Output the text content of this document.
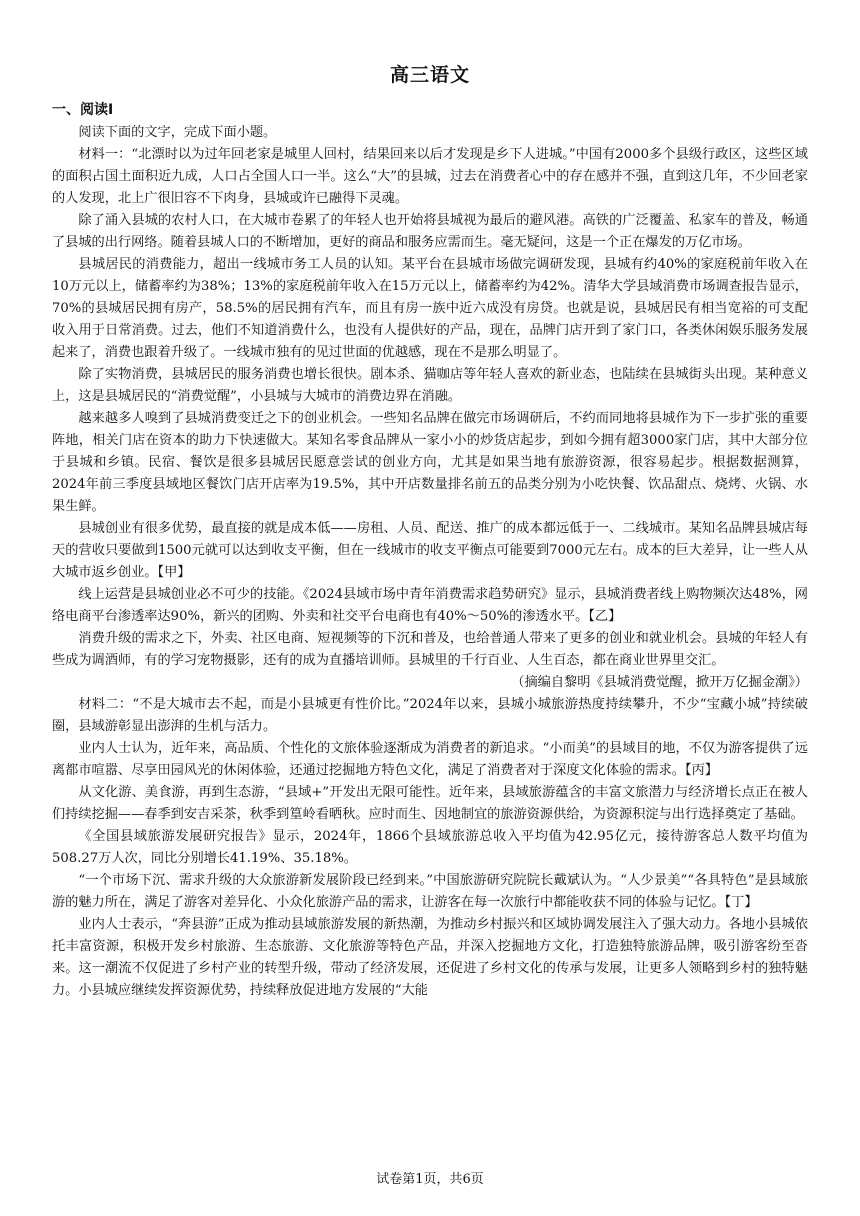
高三语文
一、阅读Ⅰ

阅读下面的文字，完成下面小题。

材料一：“北漂时以为过年回老家是城里人回村，结果回来以后才发现是乡下人进城。”中国有2000多个县级行政区，这些区域的面积占国土面积近九成，人口占全国人口一半。这么“大”的县城，过去在消费者心中的存在感并不强，直到这几年，不少回老家的人发现，北上广很旧容不下肉身，县城或许已融得下灵魂。

除了涌入县城的农村人口，在大城市卷累了的年轻人也开始将县城视为最后的避风港。高铁的广泛覆盖、私家车的普及，畅通了县城的出行网络。随着县城人口的不断增加，更好的商品和服务应需而生。毫无疑问，这是一个正在爆发的万亿市场。

县城居民的消费能力，超出一线城市务工人员的认知。某平台在县城市场做完调研发现，县城有约40%的家庭税前年收入在10万元以上，储蓄率约为38%；13%的家庭税前年收入在15万元以上，储蓄率约为42%。清华大学县域消费市场调查报告显示，70%的县城居民拥有房产，58.5%的居民拥有汽车，而且有房一族中近六成没有房贷。也就是说，县城居民有相当宽裕的可支配收入用于日常消费。过去，他们不知道消费什么，也没有人提供好的产品，现在，品牌门店开到了家门口，各类休闲娱乐服务发展起来了，消费也跟着升级了。一线城市独有的见过世面的优越感，现在不是那么明显了。

除了实物消费，县城居民的服务消费也增长很快。剧本杀、猫咖店等年轻人喜欢的新业态，也陆续在县城街头出现。某种意义上，这是县城居民的“消费觉醒”，小县城与大城市的消费边界在消融。

越来越多人嗅到了县城消费变迁之下的创业机会。一些知名品牌在做完市场调研后，不约而同地将县城作为下一步扩张的重要阵地，相关门店在资本的助力下快速做大。某知名零食品牌从一家小小的炒货店起步，到如今拥有超3000家门店，其中大部分位于县城和乡镇。民宿、餐饮是很多县城居民愿意尝试的创业方向，尤其是如果当地有旅游资源，很容易起步。根据数据测算，2024年前三季度县域地区餐饮门店开店率为19.5%，其中开店数量排名前五的品类分别为小吃快餐、饮品甜点、烧烤、火锅、水果生鲜。

县城创业有很多优势，最直接的就是成本低——房租、人员、配送、推广的成本都远低于一、二线城市。某知名品牌县城店每天的营收只要做到1500元就可以达到收支平衡，但在一线城市的收支平衡点可能要到7000元左右。成本的巨大差异，让一些人从大城市返乡创业。【甲】

线上运营是县城创业必不可少的技能。《2024县域市场中青年消费需求趋势研究》显示，县城消费者线上购物频次达48%，网络电商平台渗透率达90%，新兴的团购、外卖和社交平台电商也有40%～50%的渗透水平。【乙】

消费升级的需求之下，外卖、社区电商、短视频等的下沉和普及，也给普通人带来了更多的创业和就业机会。县城的年轻人有些成为调酒师，有的学习宠物摄影，还有的成为直播培训师。县城里的千行百业、人生百态，都在商业世界里交汇。

（摘编自黎明《县城消费觉醒，掀开万亿掘金潮》）

材料二：“不是大城市去不起，而是小县城更有性价比。”2024年以来，县城小城旅游热度持续攀升，不少“宝藏小城”持续破圈，县域游彰显出澎湃的生机与活力。

业内人士认为，近年来，高品质、个性化的文旅体验逐渐成为消费者的新追求。“小而美”的县域目的地，不仅为游客提供了远离都市喧嚣、尽享田园风光的休闲体验，还通过挖掘地方特色文化，满足了消费者对于深度文化体验的需求。【丙】

从文化游、美食游，再到生态游，“县域+”开发出无限可能性。近年来，县域旅游蕴含的丰富文旅潜力与经济增长点正在被人们持续挖掘——春季到安吉采茶，秋季到篁岭看晒秋。应时而生、因地制宜的旅游资源供给，为资源积淀与出行选择奠定了基础。

《全国县域旅游发展研究报告》显示，2024年，1866个县域旅游总收入平均值为42.95亿元，接待游客总人数平均值为508.27万人次，同比分别增长41.19%、35.18%。

“一个市场下沉、需求升级的大众旅游新发展阶段已经到来。”中国旅游研究院院长戴斌认为。“人少景美”“各具特色”是县域旅游的魅力所在，满足了游客对差异化、小众化旅游产品的需求，让游客在每一次旅行中都能收获不同的体验与记忆。【丁】

业内人士表示，“奔县游”正成为推动县域旅游发展的新热潮，为推动乡村振兴和区域协调发展注入了强大动力。各地小县城依托丰富资源，积极开发乡村旅游、生态旅游、文化旅游等特色产品，并深入挖掘地方文化，打造独特旅游品牌，吸引游客纷至沓来。这一潮流不仅促进了乡村产业的转型升级，带动了经济发展，还促进了乡村文化的传承与发展，让更多人领略到乡村的独特魅力。小县城应继续发挥资源优势，持续释放促进地方发展的“大能

试卷第1页，共6页
